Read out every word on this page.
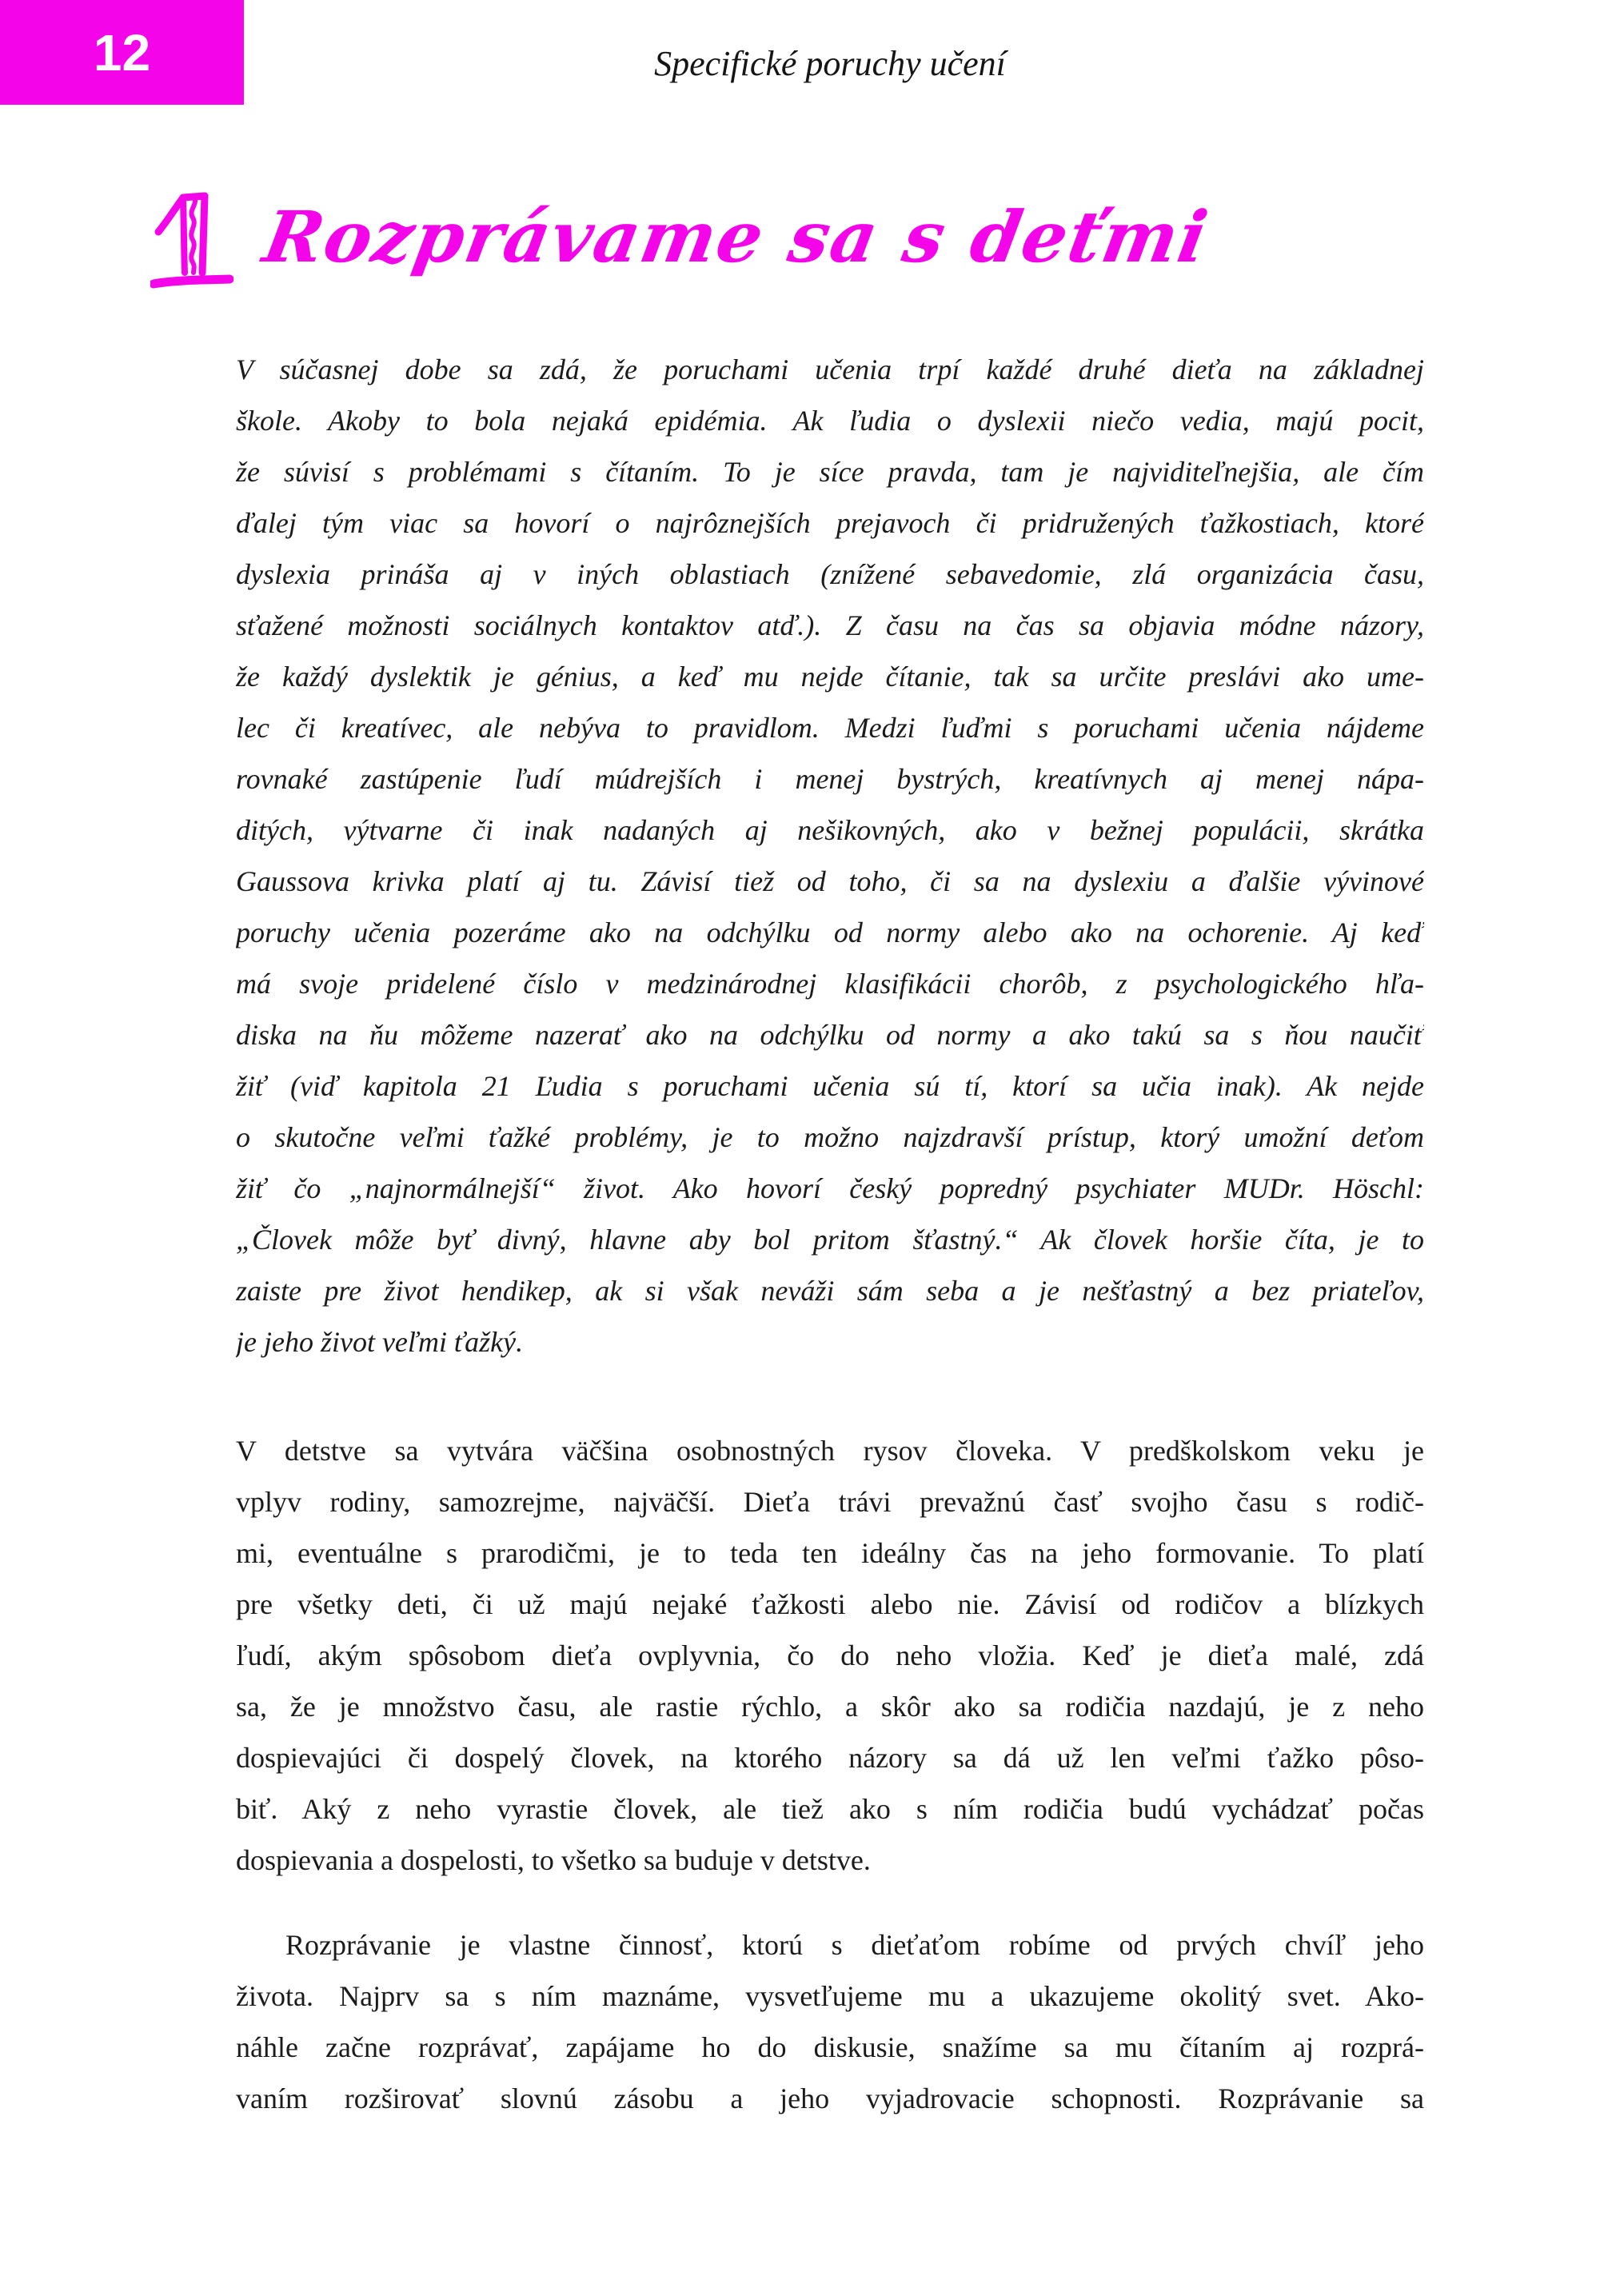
12	Specifické poruchy učení
Rozprávame sa s deťmi
V súčasnej dobe sa zdá, že poruchami učenia trpí každé druhé dieťa na základnej
škole. Akoby to bola nejaká epidémia. Ak ľudia o dyslexii niečo vedia, majú pocit,
že súvisí s problémami s čítaním. To je síce pravda, tam je najviditeľnejšia, ale čím
ďalej tým viac sa hovorí o najrôznejších prejavoch či pridružených ťažkostiach, ktoré
dyslexia prináša aj v iných oblastiach (znížené sebavedomie, zlá organizácia času,
sťažené možnosti sociálnych kontaktov atď.). Z času na čas sa objavia módne názory,
že každý dyslektik je génius, a keď mu nejde čítanie, tak sa určite preslávi ako ume-
lec či kreatívec, ale nebýva to pravidlom. Medzi ľuďmi s poruchami učenia nájdeme
rovnaké zastúpenie ľudí múdrejších i menej bystrých, kreatívnych aj menej nápa-
ditých, výtvarne či inak nadaných aj nešikovných, ako v bežnej populácii, skrátka
Gaussova krivka platí aj tu. Závisí tiež od toho, či sa na dyslexiu a ďalšie vývinové
poruchy učenia pozeráme ako na odchýlku od normy alebo ako na ochorenie. Aj keď
má svoje pridelené číslo v medzinárodnej klasifikácii chorôb, z psychologického hľa-
diska na ňu môžeme nazerať ako na odchýlku od normy a ako takú sa s ňou naučiť
žiť (viď kapitola 21 Ľudia s poruchami učenia sú tí, ktorí sa učia inak). Ak nejde
o skutočne veľmi ťažké problémy, je to možno najzdravší prístup, ktorý umožní deťom
žiť čo „najnormálnejší“ život. Ako hovorí český popredný psychiater MUDr. Höschl:
„Človek môže byť divný, hlavne aby bol pritom šťastný.“ Ak človek horšie číta, je to
zaiste pre život hendikep, ak si však neváži sám seba a je nešťastný a bez priateľov,
je jeho život veľmi ťažký.
V detstve sa vytvára väčšina osobnostných rysov človeka. V predškolskom veku je
vplyv rodiny, samozrejme, najväčší. Dieťa trávi prevažnú časť svojho času s rodič-
mi, eventuálne s prarodičmi, je to teda ten ideálny čas na jeho formovanie. To platí
pre všetky deti, či už majú nejaké ťažkosti alebo nie. Závisí od rodičov a blízkych
ľudí, akým spôsobom dieťa ovplyvnia, čo do neho vložia. Keď je dieťa malé, zdá
sa, že je množstvo času, ale rastie rýchlo, a skôr ako sa rodičia nazdajú, je z neho
dospievajúci či dospelý človek, na ktorého názory sa dá už len veľmi ťažko pôso-
biť. Aký z neho vyrastie človek, ale tiež ako s ním rodičia budú vychádzať počas
dospievania a dospelosti, to všetko sa buduje v detstve.
Rozprávanie je vlastne činnosť, ktorú s dieťaťom robíme od prvých chvíľ jeho
života. Najprv sa s ním maznáme, vysvetľujeme mu a ukazujeme okolitý svet. Ako-
náhle začne rozprávať, zapájame ho do diskusie, snažíme sa mu čítaním aj rozprá-
vaním rozširovať slovnú zásobu a jeho vyjadrovacie schopnosti. Rozprávanie sa
